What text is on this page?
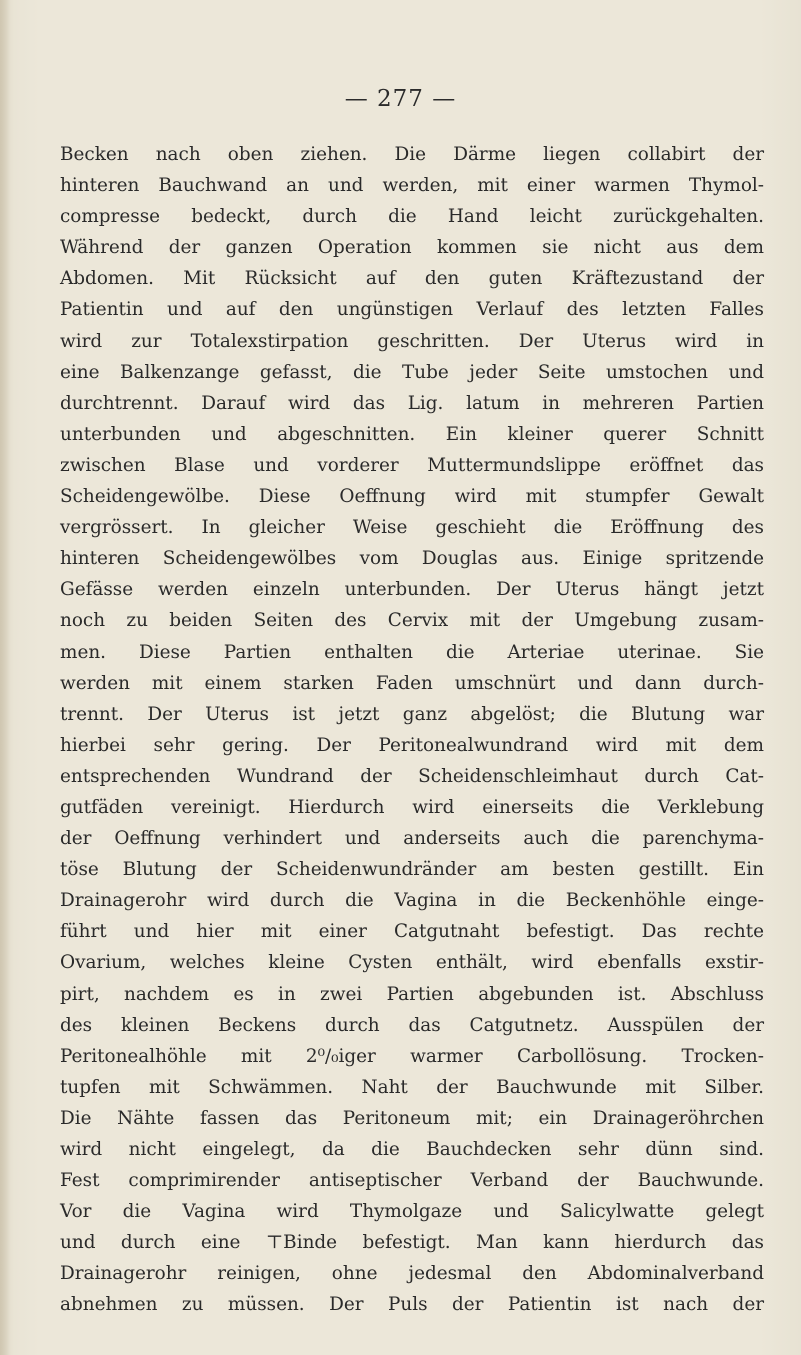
— 277 —
Becken nach oben ziehen. Die Därme liegen collabirt der
hinteren Bauchwand an und werden, mit einer warmen Thymol-
compresse bedeckt, durch die Hand leicht zurückgehalten.
Während der ganzen Operation kommen sie nicht aus dem
Abdomen. Mit Rücksicht auf den guten Kräftezustand der
Patientin und auf den ungünstigen Verlauf des letzten Falles
wird zur Totalexstirpation geschritten. Der Uterus wird in
eine Balkenzange gefasst, die Tube jeder Seite umstochen und
durchtrennt. Darauf wird das Lig. latum in mehreren Partien
unterbunden und abgeschnitten. Ein kleiner querer Schnitt
zwischen Blase und vorderer Muttermundslippe eröffnet das
Scheidengewölbe. Diese Oeffnung wird mit stumpfer Gewalt
vergrössert. In gleicher Weise geschieht die Eröffnung des
hinteren Scheidengewölbes vom Douglas aus. Einige spritzende
Gefässe werden einzeln unterbunden. Der Uterus hängt jetzt
noch zu beiden Seiten des Cervix mit der Umgebung zusam-
men. Diese Partien enthalten die Arteriae uterinae. Sie
werden mit einem starken Faden umschnürt und dann durch-
trennt. Der Uterus ist jetzt ganz abgelöst; die Blutung war
hierbei sehr gering. Der Peritonealwundrand wird mit dem
entsprechenden Wundrand der Scheidenschleimhaut durch Cat-
gutfäden vereinigt. Hierdurch wird einerseits die Verklebung
der Oeffnung verhindert und anderseits auch die parenchyma-
töse Blutung der Scheidenwundränder am besten gestillt. Ein
Drainagerohr wird durch die Vagina in die Beckenhöhle einge-
führt und hier mit einer Catgutnaht befestigt. Das rechte
Ovarium, welches kleine Cysten enthält, wird ebenfalls exstir-
pirt, nachdem es in zwei Partien abgebunden ist. Abschluss
des kleinen Beckens durch das Catgutnetz. Ausspülen der
Peritonealhöhle mit 2⁰/₀iger warmer Carbollösung. Trocken-
tupfen mit Schwämmen. Naht der Bauchwunde mit Silber.
Die Nähte fassen das Peritoneum mit; ein Drainageröhrchen
wird nicht eingelegt, da die Bauchdecken sehr dünn sind.
Fest comprimirender antiseptischer Verband der Bauchwunde.
Vor die Vagina wird Thymolgaze und Salicylwatte gelegt
und durch eine ⊤Binde befestigt. Man kann hierdurch das
Drainagerohr reinigen, ohne jedesmal den Abdominalverband
abnehmen zu müssen. Der Puls der Patientin ist nach der
